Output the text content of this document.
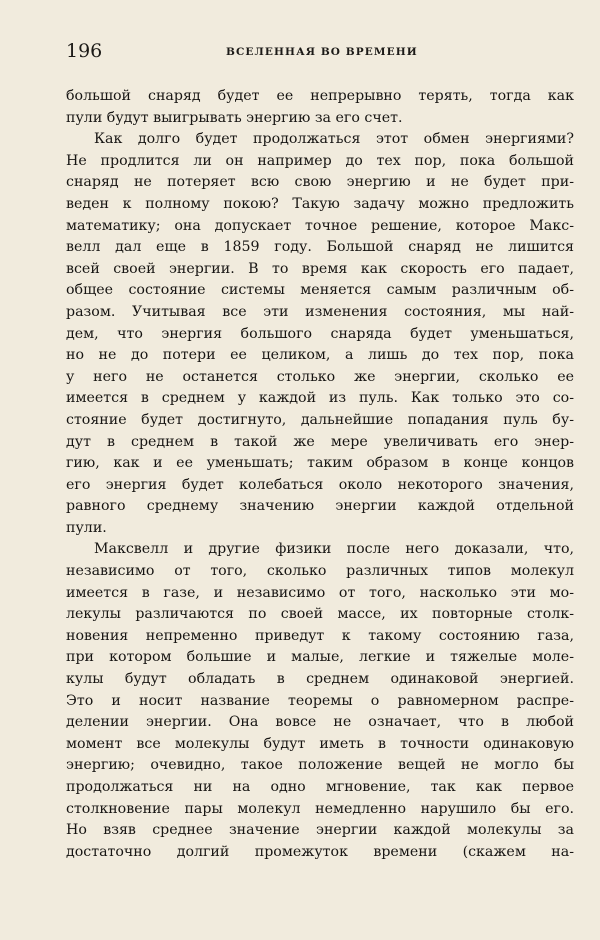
196	ВСЕЛЕННАЯ ВО ВРЕМЕНИ

большой снаряд будет ее непрерывно терять, тогда как

пули будут выигрывать энергию за его счет.

Как долго будет продолжаться этот обмен энергиями?

Не продлится ли он например до тех пор, пока большой

снаряд не потеряет всю свою энергию и не будет при-

веден к полному покою? Такую задачу можно предложить

математику; она допускает точное решение, которое Макс-

велл дал еще в 1859 году. Большой снаряд не лишится

всей своей энергии. В то время как скорость его падает,

общее состояние системы меняется самым различным об-

разом. Учитывая все эти изменения состояния, мы най-

дем, что энергия большого снаряда будет уменьшаться,

но не до потери ее целиком, а лишь до тех пор, пока

у него не останется столько же энергии, сколько ее

имеется в среднем у каждой из пуль. Как только это со-

стояние будет достигнуто, дальнейшие попадания пуль бу-

дут в среднем в такой же мере увеличивать его энер-

гию, как и ее уменьшать; таким образом в конце концов

его энергия будет колебаться около некоторого значения,

равного среднему значению энергии каждой отдельной

пули.

Максвелл и другие физики после него доказали, что,

независимо от того, сколько различных типов молекул

имеется в газе, и независимо от того, насколько эти мо-

лекулы различаются по своей массе, их повторные столк-

новения непременно приведут к такому состоянию газа,

при котором большие и малые, легкие и тяжелые моле-

кулы будут обладать в среднем одинаковой энергией.

Это и носит название теоремы о равномерном распре-

делении энергии. Она вовсе не означает, что в любой

момент все молекулы будут иметь в точности одинаковую

энергию; очевидно, такое положение вещей не могло бы

продолжаться ни на одно мгновение, так как первое

столкновение пары молекул немедленно нарушило бы его.

Но взяв среднее значение энергии каждой молекулы за

достаточно долгий промежуток времени (скажем на-
